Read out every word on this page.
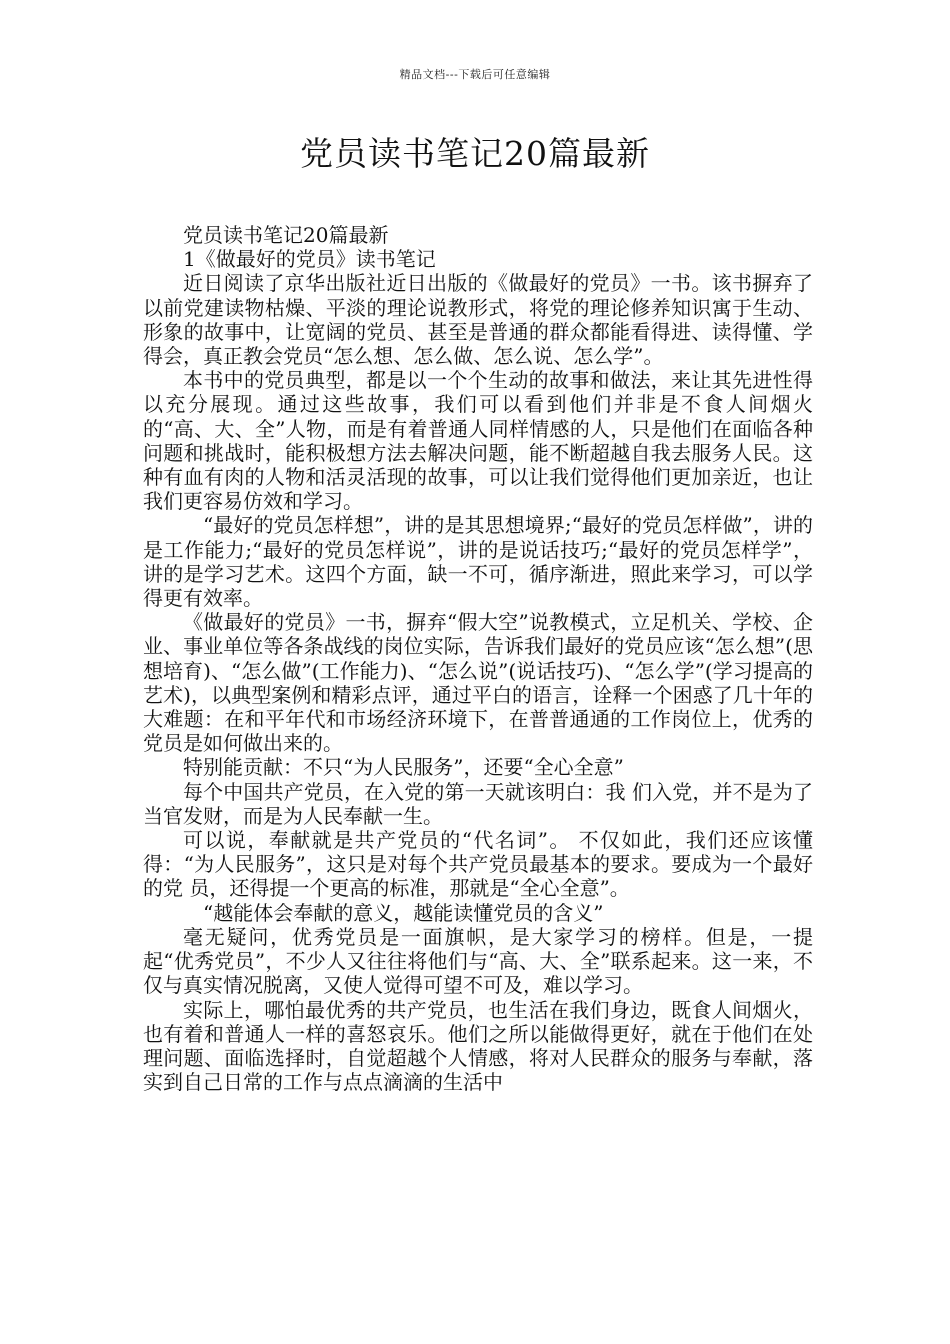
精品文档---下载后可任意编辑
党员读书笔记20篇最新

党员读书笔记20篇最新

1《做最好的党员》读书笔记

近日阅读了京华出版社近日出版的《做最好的党员》一书。该书摒弃了以前党建读物枯燥、平淡的理论说教形式，将党的理论修养知识寓于生动、形象的故事中，让宽阔的党员、甚至是普通的群众都能看得进、读得懂、学得会，真正教会党员“怎么想、怎么做、怎么说、怎么学”。

本书中的党员典型，都是以一个个生动的故事和做法，来让其先进性得以充分展现。通过这些故事，我们可以看到他们并非是不食人间烟火的“高、大、全”人物，而是有着普通人同样情感的人，只是他们在面临各种问题和挑战时，能积极想方法去解决问题，能不断超越自我去服务人民。这种有血有肉的人物和活灵活现的故事，可以让我们觉得他们更加亲近，也让我们更容易仿效和学习。

“最好的党员怎样想”，讲的是其思想境界;“最好的党员怎样做”，讲的是工作能力;“最好的党员怎样说”，讲的是说话技巧;“最好的党员怎样学”，讲的是学习艺术。这四个方面，缺一不可，循序渐进，照此来学习，可以学得更有效率。

《做最好的党员》一书，摒弃“假大空”说教模式，立足机关、学校、企业、事业单位等各条战线的岗位实际，告诉我们最好的党员应该“怎么想”(思想培育)、“怎么做”(工作能力)、“怎么说”(说话技巧)、“怎么学”(学习提高的艺术)，以典型案例和精彩点评，通过平白的语言，诠释一个困惑了几十年的大难题：在和平年代和市场经济环境下，在普普通通的工作岗位上，优秀的党员是如何做出来的。

特别能贡献：不只“为人民服务”，还要“全心全意”

每个中国共产党员，在入党的第一天就该明白：我 们入党，并不是为了当官发财，而是为人民奉献一生。

可以说，奉献就是共产党员的“代名词”。 不仅如此，我们还应该懂得：“为人民服务”，这只是对每个共产党员最基本的要求。要成为一个最好的党 员，还得提一个更高的标准，那就是“全心全意”。

“越能体会奉献的意义，越能读懂党员的含义”

毫无疑问，优秀党员是一面旗帜，是大家学习的榜样。但是，一提起“优秀党员”，不少人又往往将他们与“高、大、全”联系起来。这一来，不仅与真实情况脱离，又使人觉得可望不可及，难以学习。

实际上，哪怕最优秀的共产党员，也生活在我们身边，既食人间烟火，也有着和普通人一样的喜怒哀乐。他们之所以能做得更好，就在于他们在处理问题、面临选择时，自觉超越个人情感，将对人民群众的服务与奉献，落实到自己日常的工作与点点滴滴的生活中
